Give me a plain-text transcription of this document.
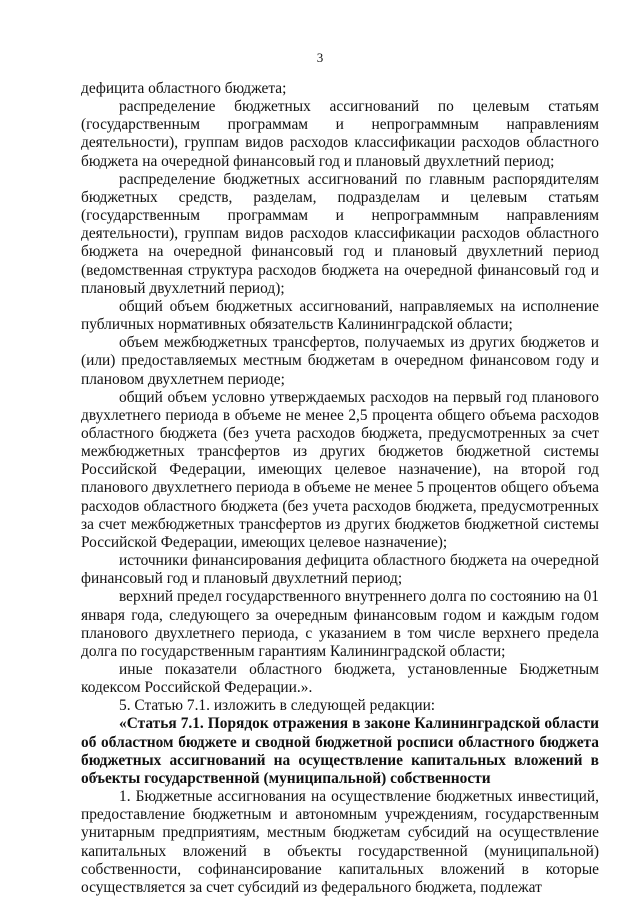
3

дефицита областного бюджета;

распределение бюджетных ассигнований по целевым статьям (государственным программам и непрограммным направлениям деятельности), группам видов расходов классификации расходов областного бюджета на очередной финансовый год и плановый двухлетний период;

распределение бюджетных ассигнований по главным распорядителям бюджетных средств, разделам, подразделам и целевым статьям (государственным программам и непрограммным направлениям деятельности), группам видов расходов классификации расходов областного бюджета на очередной финансовый год и плановый двухлетний период (ведомственная структура расходов бюджета на очередной финансовый год и плановый двухлетний период);

общий объем бюджетных ассигнований, направляемых на исполнение публичных нормативных обязательств Калининградской области;

объем межбюджетных трансфертов, получаемых из других бюджетов и (или) предоставляемых местным бюджетам в очередном финансовом году и плановом двухлетнем периоде;

общий объем условно утверждаемых расходов на первый год планового двухлетнего периода в объеме не менее 2,5 процента общего объема расходов областного бюджета (без учета расходов бюджета, предусмотренных за счет межбюджетных трансфертов из других бюджетов бюджетной системы Российской Федерации, имеющих целевое назначение), на второй год планового двухлетнего периода в объеме не менее 5 процентов общего объема расходов областного бюджета (без учета расходов бюджета, предусмотренных за счет межбюджетных трансфертов из других бюджетов бюджетной системы Российской Федерации, имеющих целевое назначение);

источники финансирования дефицита областного бюджета на очередной финансовый год и плановый двухлетний период;

верхний предел государственного внутреннего долга по состоянию на 01 января года, следующего за очередным финансовым годом и каждым годом планового двухлетнего периода, с указанием в том числе верхнего предела долга по государственным гарантиям Калининградской области;

иные показатели областного бюджета, установленные Бюджетным кодексом Российской Федерации.».

5. Статью 7.1. изложить в следующей редакции:

«Статья 7.1. Порядок отражения в законе Калининградской области об областном бюджете и сводной бюджетной росписи областного бюджета бюджетных ассигнований на осуществление капитальных вложений в объекты государственной (муниципальной) собственности

1. Бюджетные ассигнования на осуществление бюджетных инвестиций, предоставление бюджетным и автономным учреждениям, государственным унитарным предприятиям, местным бюджетам субсидий на осуществление капитальных вложений в объекты государственной (муниципальной) собственности, софинансирование капитальных вложений в которые осуществляется за счет субсидий из федерального бюджета, подлежат
